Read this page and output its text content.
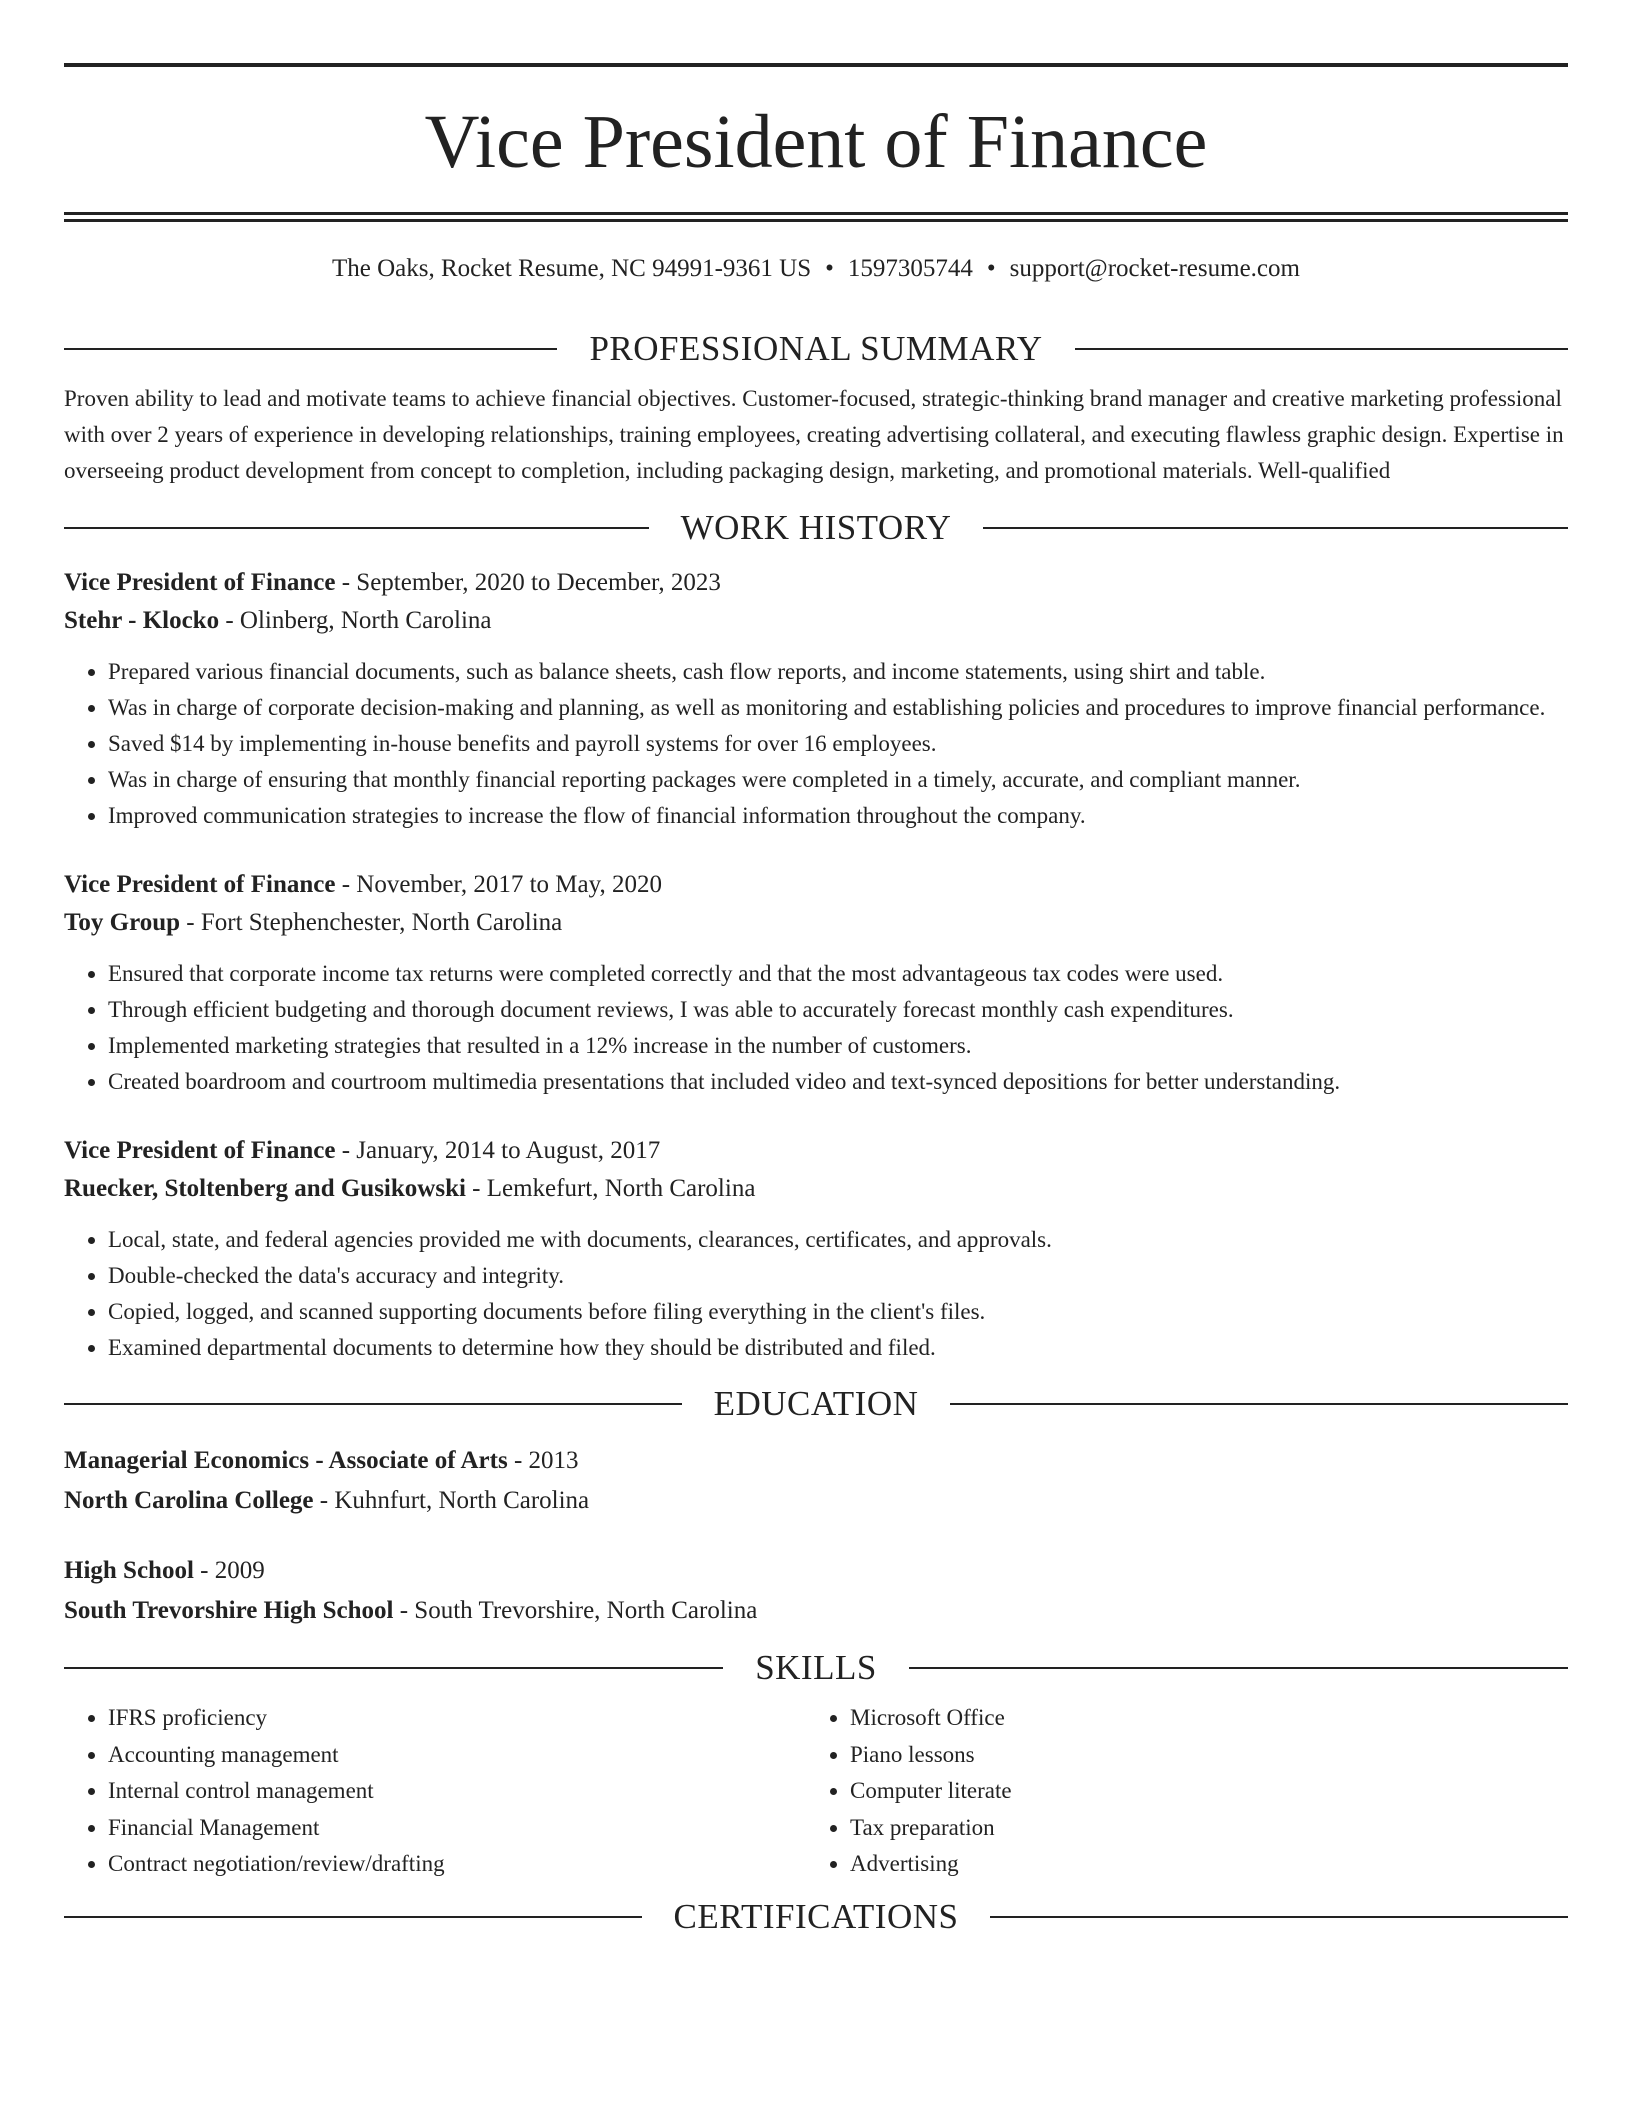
Vice President of Finance
The Oaks, Rocket Resume, NC 94991-9361 US • 1597305744 • support@rocket-resume.com
PROFESSIONAL SUMMARY

Proven ability to lead and motivate teams to achieve financial objectives. Customer-focused, strategic-thinking brand manager and creative marketing professional with over 2 years of experience in developing relationships, training employees, creating advertising collateral, and executing flawless graphic design. Expertise in overseeing product development from concept to completion, including packaging design, marketing, and promotional materials. Well-qualified

WORK HISTORY
Vice President of Finance - September, 2020 to December, 2023
Stehr - Klocko - Olinberg, North Carolina
• Prepared various financial documents, such as balance sheets, cash flow reports, and income statements, using shirt and table.
• Was in charge of corporate decision-making and planning, as well as monitoring and establishing policies and procedures to improve financial performance.
• Saved $14 by implementing in-house benefits and payroll systems for over 16 employees.
• Was in charge of ensuring that monthly financial reporting packages were completed in a timely, accurate, and compliant manner.
• Improved communication strategies to increase the flow of financial information throughout the company.
Vice President of Finance - November, 2017 to May, 2020
Toy Group - Fort Stephenchester, North Carolina
• Ensured that corporate income tax returns were completed correctly and that the most advantageous tax codes were used.
• Through efficient budgeting and thorough document reviews, I was able to accurately forecast monthly cash expenditures.
• Implemented marketing strategies that resulted in a 12% increase in the number of customers.
• Created boardroom and courtroom multimedia presentations that included video and text-synced depositions for better understanding.
Vice President of Finance - January, 2014 to August, 2017
Ruecker, Stoltenberg and Gusikowski - Lemkefurt, North Carolina
• Local, state, and federal agencies provided me with documents, clearances, certificates, and approvals.
• Double-checked the data's accuracy and integrity.
• Copied, logged, and scanned supporting documents before filing everything in the client's files.
• Examined departmental documents to determine how they should be distributed and filed.
EDUCATION
Managerial Economics - Associate of Arts - 2013
North Carolina College - Kuhnfurt, North Carolina
High School - 2009
South Trevorshire High School - South Trevorshire, North Carolina
SKILLS
• IFRS proficiency
• Accounting management
• Internal control management
• Financial Management
• Contract negotiation/review/drafting
• Microsoft Office
• Piano lessons
• Computer literate
• Tax preparation
• Advertising
CERTIFICATIONS
